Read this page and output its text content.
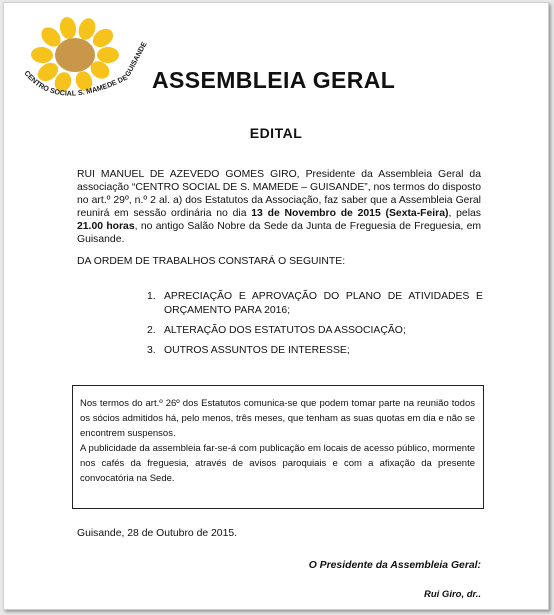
CENTRO SOCIAL S. MAMEDE DE GUISANDE
ASSEMBLEIA GERAL
EDITAL
RUI MANUEL DE AZEVEDO GOMES GIRO, Presidente da Assembleia Geral da associação “CENTRO SOCIAL DE S. MAMEDE – GUISANDE”, nos termos do disposto no art.º 29º, n.º 2 al. a) dos Estatutos da Associação, faz saber que a Assembleia Geral reunirá em sessão ordinária no dia 13 de Novembro de 2015 (Sexta-Feira), pelas 21.00 horas, no antigo Salão Nobre da Sede da Junta de Freguesia de Freguesia, em Guisande.
DA ORDEM DE TRABALHOS CONSTARÁ O SEGUINTE:
1. APRECIAÇÃO E APROVAÇÃO DO PLANO DE ATIVIDADES E ORÇAMENTO PARA 2016;
2. ALTERAÇÃO DOS ESTATUTOS DA ASSOCIAÇÃO;
3. OUTROS ASSUNTOS DE INTERESSE;

Nos termos do art.º 26º dos Estatutos comunica-se que podem tomar parte na reunião todos os sócios admitidos há, pelo menos, três meses, que tenham as suas quotas em dia e não se encontrem suspensos.

A publicidade da assembleia far-se-á com publicação em locais de acesso público, mormente nos cafés da freguesia, através de avisos paroquiais e com a afixação da presente convocatória na Sede.

Guisande, 28 de Outubro de 2015.
O Presidente da Assembleia Geral:
Rui Giro, dr..
